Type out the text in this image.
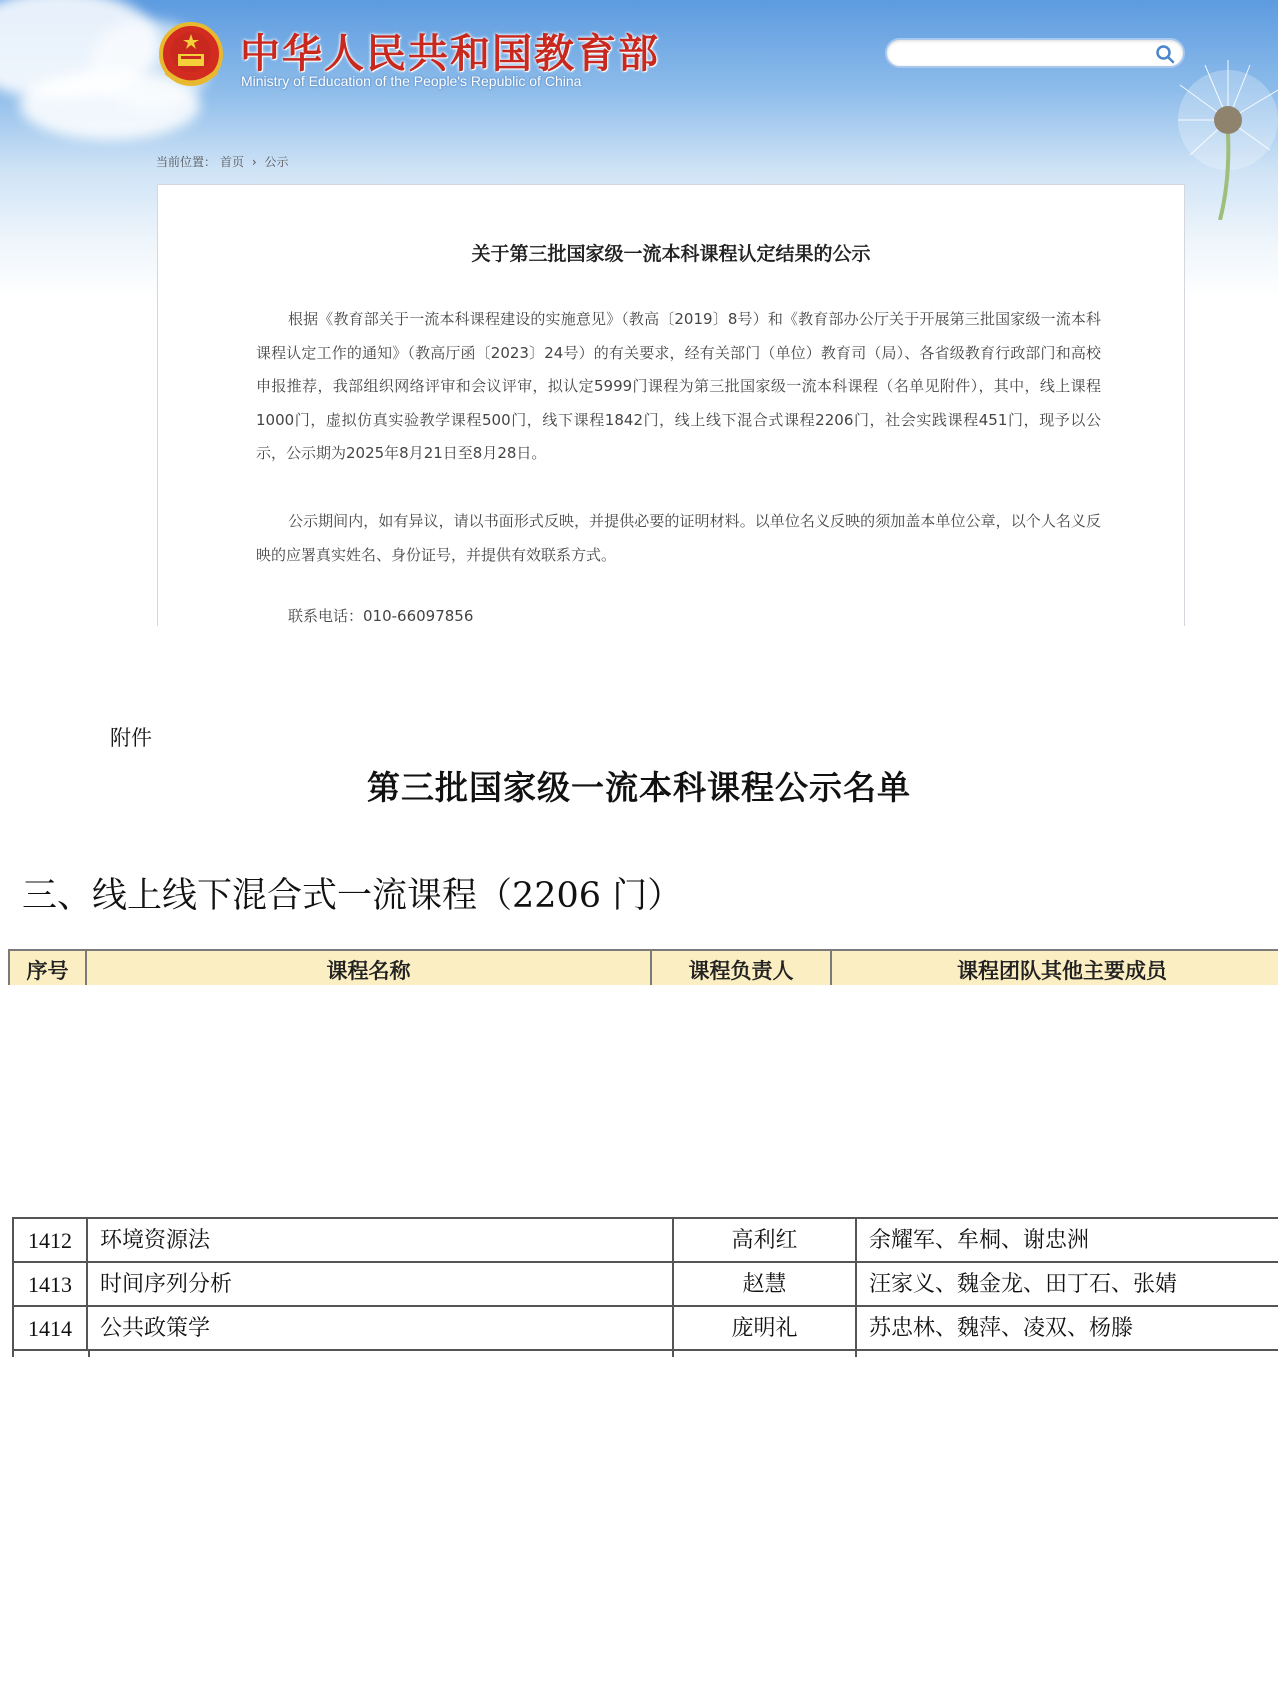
中华人民共和国教育部
Ministry of Education of the People's Republic of China
当前位置： 首页 › 公示
关于第三批国家级一流本科课程认定结果的公示
根据《教育部关于一流本科课程建设的实施意见》（教高〔2019〕8号）和《教育部办公厅关于开展第三批国家级一流本科课程认定工作的通知》（教高厅函〔2023〕24号）的有关要求，经有关部门（单位）教育司（局）、各省级教育行政部门和高校申报推荐，我部组织网络评审和会议评审，拟认定5999门课程为第三批国家级一流本科课程（名单见附件），其中，线上课程1000门，虚拟仿真实验教学课程500门，线下课程1842门，线上线下混合式课程2206门，社会实践课程451门，现予以公示，公示期为2025年8月21日至8月28日。
公示期间内，如有异议，请以书面形式反映，并提供必要的证明材料。以单位名义反映的须加盖本单位公章，以个人名义反映的应署真实姓名、身份证号，并提供有效联系方式。
联系电话：010-66097856
附件
第三批国家级一流本科课程公示名单
三、线上线下混合式一流课程（2206 门）
序号	课程名称	课程负责人	课程团队其他主要成员
1412	环境资源法	高利红	余耀军、牟桐、谢忠洲
1413	时间序列分析	赵慧	汪家义、魏金龙、田丁石、张婧
1414	公共政策学	庞明礼	苏忠林、魏萍、凌双、杨滕
